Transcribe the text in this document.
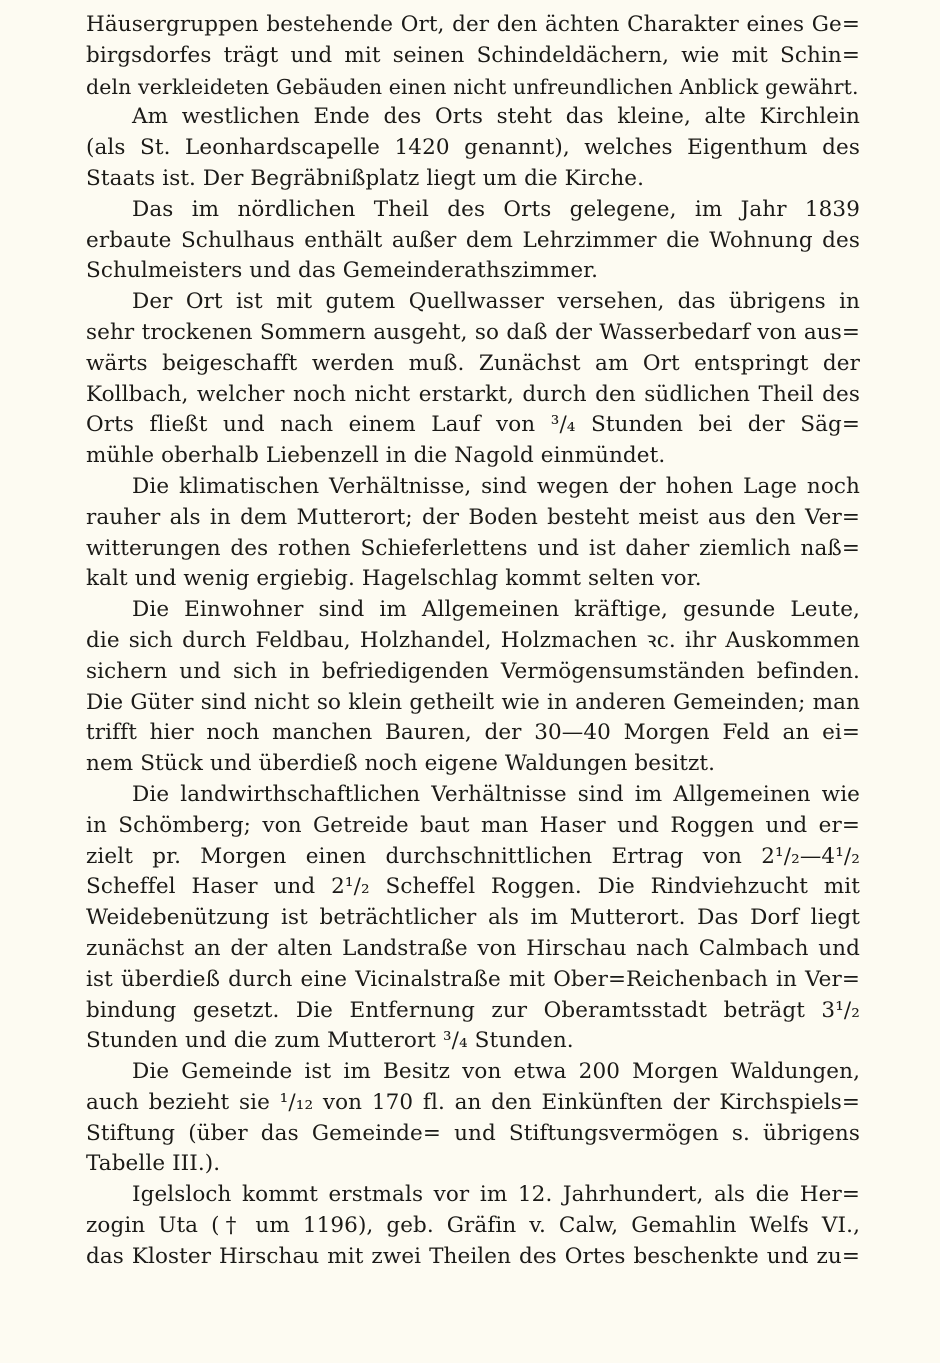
Häusergruppen bestehende Ort, der den ächten Charakter eines Ge=
birgsdorfes trägt und mit seinen Schindeldächern, wie mit Schin=
deln verkleideten Gebäuden einen nicht unfreundlichen Anblick gewährt.
Am westlichen Ende des Orts steht das kleine, alte Kirchlein
(als St. Leonhardscapelle 1420 genannt), welches Eigenthum des
Staats ist. Der Begräbnißplatz liegt um die Kirche.
Das im nördlichen Theil des Orts gelegene, im Jahr 1839
erbaute Schulhaus enthält außer dem Lehrzimmer die Wohnung des
Schulmeisters und das Gemeinderathszimmer.
Der Ort ist mit gutem Quellwasser versehen, das übrigens in
sehr trockenen Sommern ausgeht, so daß der Wasserbedarf von aus=
wärts beigeschafft werden muß. Zunächst am Ort entspringt der
Kollbach, welcher noch nicht erstarkt, durch den südlichen Theil des
Orts fließt und nach einem Lauf von ³/₄ Stunden bei der Säg=
mühle oberhalb Liebenzell in die Nagold einmündet.
Die klimatischen Verhältnisse, sind wegen der hohen Lage noch
rauher als in dem Mutterort; der Boden besteht meist aus den Ver=
witterungen des rothen Schieferlettens und ist daher ziemlich naß=
kalt und wenig ergiebig. Hagelschlag kommt selten vor.
Die Einwohner sind im Allgemeinen kräftige, gesunde Leute,
die sich durch Feldbau, Holzhandel, Holzmachen ꝛc. ihr Auskommen
sichern und sich in befriedigenden Vermögensumständen befinden.
Die Güter sind nicht so klein getheilt wie in anderen Gemeinden; man
trifft hier noch manchen Bauren, der 30—40 Morgen Feld an ei=
nem Stück und überdieß noch eigene Waldungen besitzt.
Die landwirthschaftlichen Verhältnisse sind im Allgemeinen wie
in Schömberg; von Getreide baut man Haser und Roggen und er=
zielt pr. Morgen einen durchschnittlichen Ertrag von 2¹/₂—4¹/₂
Scheffel Haser und 2¹/₂ Scheffel Roggen. Die Rindviehzucht mit
Weidebenützung ist beträchtlicher als im Mutterort. Das Dorf liegt
zunächst an der alten Landstraße von Hirschau nach Calmbach und
ist überdieß durch eine Vicinalstraße mit Ober=Reichenbach in Ver=
bindung gesetzt. Die Entfernung zur Oberamtsstadt beträgt 3¹/₂
Stunden und die zum Mutterort ³/₄ Stunden.
Die Gemeinde ist im Besitz von etwa 200 Morgen Waldungen,
auch bezieht sie ¹/₁₂ von 170 fl. an den Einkünften der Kirchspiels=
Stiftung (über das Gemeinde= und Stiftungsvermögen s. übrigens
Tabelle III.).
Igelsloch kommt erstmals vor im 12. Jahrhundert, als die Her=
zogin Uta († um 1196), geb. Gräfin v. Calw, Gemahlin Welfs VI.,
das Kloster Hirschau mit zwei Theilen des Ortes beschenkte und zu=
